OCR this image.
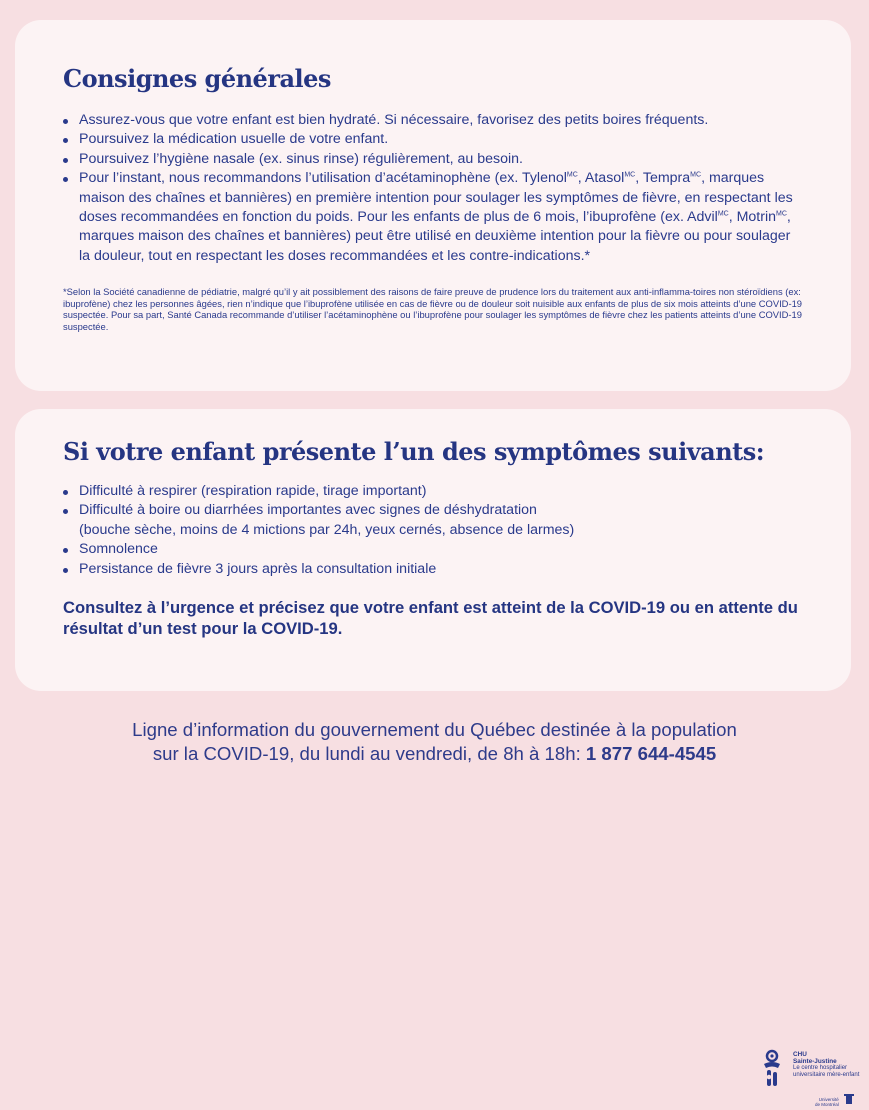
Consignes générales
Assurez-vous que votre enfant est bien hydraté. Si nécessaire, favorisez des petits boires fréquents.
Poursuivez la médication usuelle de votre enfant.
Poursuivez l’hygiène nasale (ex. sinus rinse) régulièrement, au besoin.
Pour l’instant, nous recommandons l’utilisation d’acétaminophène (ex. Tylenol$^{MC}$, Atasol$^{MC}$, Tempra$^{MC}$, marques maison des chaînes et bannières) en première intention pour soulager les symptômes de fièvre, en respectant les doses recommandées en fonction du poids. Pour les enfants de plus de 6 mois, l’ibuprofène (ex. Advil$^{MC}$, Motrin$^{MC}$, marques maison des chaînes et bannières) peut être utilisé en deuxième intention pour la fièvre ou pour soulager la douleur, tout en respectant les doses recommandées et les contre-indications.*
*Selon la Société canadienne de pédiatrie, malgré qu’il y ait possiblement des raisons de faire preuve de prudence lors du traitement aux anti-inflamma-toires non stéroïdiens (ex: ibuprofène) chez les personnes âgées, rien n’indique que l’ibuprofène utilisée en cas de fièvre ou de douleur soit nuisible aux enfants de plus de six mois atteints d’une COVID-19 suspectée. Pour sa part, Santé Canada recommande d’utiliser l’acétaminophène ou l’ibuprofène pour soulager les symptômes de fièvre chez les patients atteints d’une COVID-19 suspectée.
Si votre enfant présente l’un des symptômes suivants:
Difficulté à respirer (respiration rapide, tirage important)
Difficulté à boire ou diarrhées importantes avec signes de déshydratation
(bouche sèche, moins de 4 mictions par 24h, yeux cernés, absence de larmes)
Somnolence
Persistance de fièvre 3 jours après la consultation initiale
Consultez à l’urgence et précisez que votre enfant est atteint de la COVID-19 ou en attente du résultat d’un test pour la COVID-19.
Ligne d’information du gouvernement du Québec destinée à la population
sur la COVID-19, du lundi au vendredi, de 8h à 18h: 1 877 644-4545
CHU
Sainte-Justine
Le centre hospitalier
universitaire mère-enfant
Université
de Montréal
